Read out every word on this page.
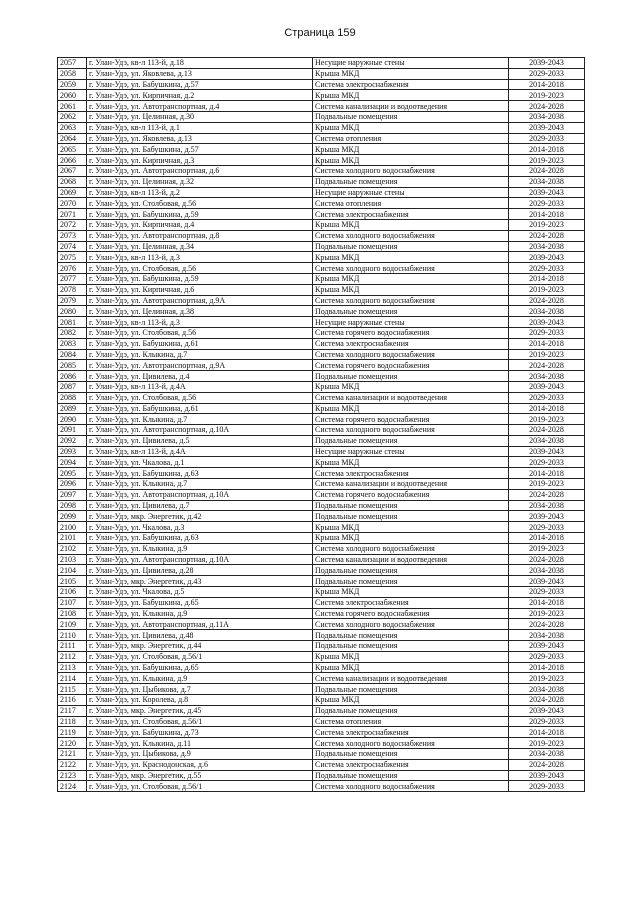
Страница 159
2057	г. Улан-Удэ, кв-л 113-й, д.18	Несущие наружные стены	2039-2043
2058	г. Улан-Удэ, ул. Яковлева, д.13	Крыша МКД	2029-2033
2059	г. Улан-Удэ, ул. Бабушкина, д.57	Система электроснабжения	2014-2018
2060	г. Улан-Удэ, ул. Кирпичная, д.2	Крыша МКД	2019-2023
2061	г. Улан-Удэ, ул. Автотранспортная, д.4	Система канализации и водоотведения	2024-2028
2062	г. Улан-Удэ, ул. Целинная, д.30	Подвальные помещения	2034-2038
2063	г. Улан-Удэ, кв-л 113-й, д.1	Крыша МКД	2039-2043
2064	г. Улан-Удэ, ул. Яковлева, д.13	Система отопления	2029-2033
2065	г. Улан-Удэ, ул. Бабушкина, д.57	Крыша МКД	2014-2018
2066	г. Улан-Удэ, ул. Кирпичная, д.3	Крыша МКД	2019-2023
2067	г. Улан-Удэ, ул. Автотранспортная, д.6	Система холодного водоснабжения	2024-2028
2068	г. Улан-Удэ, ул. Целинная, д.32	Подвальные помещения	2034-2038
2069	г. Улан-Удэ, кв-л 113-й, д.2	Несущие наружные стены	2039-2043
2070	г. Улан-Удэ, ул. Столбовая, д.56	Система отопления	2029-2033
2071	г. Улан-Удэ, ул. Бабушкина, д.59	Система электроснабжения	2014-2018
2072	г. Улан-Удэ, ул. Кирпичная, д.4	Крыша МКД	2019-2023
2073	г. Улан-Удэ, ул. Автотранспортная, д.8	Система холодного водоснабжения	2024-2028
2074	г. Улан-Удэ, ул. Целинная, д.34	Подвальные помещения	2034-2038
2075	г. Улан-Удэ, кв-л 113-й, д.3	Крыша МКД	2039-2043
2076	г. Улан-Удэ, ул. Столбовая, д.56	Система холодного водоснабжения	2029-2033
2077	г. Улан-Удэ, ул. Бабушкина, д.59	Крыша МКД	2014-2018
2078	г. Улан-Удэ, ул. Кирпичная, д.6	Крыша МКД	2019-2023
2079	г. Улан-Удэ, ул. Автотранспортная, д.9А	Система холодного водоснабжения	2024-2028
2080	г. Улан-Удэ, ул. Целинная, д.38	Подвальные помещения	2034-2038
2081	г. Улан-Удэ, кв-л 113-й, д.3	Несущие наружные стены	2039-2043
2082	г. Улан-Удэ, ул. Столбовая, д.56	Система горячего водоснабжения	2029-2033
2083	г. Улан-Удэ, ул. Бабушкина, д.61	Система электроснабжения	2014-2018
2084	г. Улан-Удэ, ул. Клыкина, д.7	Система холодного водоснабжения	2019-2023
2085	г. Улан-Удэ, ул. Автотранспортная, д.9А	Система горячего водоснабжения	2024-2028
2086	г. Улан-Удэ, ул. Цивилева, д.4	Подвальные помещения	2034-2038
2087	г. Улан-Удэ, кв-л 113-й, д.4А	Крыша МКД	2039-2043
2088	г. Улан-Удэ, ул. Столбовая, д.56	Система канализации и водоотведения	2029-2033
2089	г. Улан-Удэ, ул. Бабушкина, д.61	Крыша МКД	2014-2018
2090	г. Улан-Удэ, ул. Клыкина, д.7	Система горячего водоснабжения	2019-2023
2091	г. Улан-Удэ, ул. Автотранспортная, д.10А	Система холодного водоснабжения	2024-2028
2092	г. Улан-Удэ, ул. Цивилева, д.5	Подвальные помещения	2034-2038
2093	г. Улан-Удэ, кв-л 113-й, д.4А	Несущие наружные стены	2039-2043
2094	г. Улан-Удэ, ул. Чкалова, д.1	Крыша МКД	2029-2033
2095	г. Улан-Удэ, ул. Бабушкина, д.63	Система электроснабжения	2014-2018
2096	г. Улан-Удэ, ул. Клыкина, д.7	Система канализации и водоотведения	2019-2023
2097	г. Улан-Удэ, ул. Автотранспортная, д.10А	Система горячего водоснабжения	2024-2028
2098	г. Улан-Удэ, ул. Цивилева, д.7	Подвальные помещения	2034-2038
2099	г. Улан-Удэ, мкр. Энергетик, д.42	Подвальные помещения	2039-2043
2100	г. Улан-Удэ, ул. Чкалова, д.3	Крыша МКД	2029-2033
2101	г. Улан-Удэ, ул. Бабушкина, д.63	Крыша МКД	2014-2018
2102	г. Улан-Удэ, ул. Клыкина, д.9	Система холодного водоснабжения	2019-2023
2103	г. Улан-Удэ, ул. Автотранспортная, д.10А	Система канализации и водоотведения	2024-2028
2104	г. Улан-Удэ, ул. Цивилева, д.28	Подвальные помещения	2034-2038
2105	г. Улан-Удэ, мкр. Энергетик, д.43	Подвальные помещения	2039-2043
2106	г. Улан-Удэ, ул. Чкалова, д.5	Крыша МКД	2029-2033
2107	г. Улан-Удэ, ул. Бабушкина, д.65	Система электроснабжения	2014-2018
2108	г. Улан-Удэ, ул. Клыкина, д.9	Система горячего водоснабжения	2019-2023
2109	г. Улан-Удэ, ул. Автотранспортная, д.11А	Система холодного водоснабжения	2024-2028
2110	г. Улан-Удэ, ул. Цивилева, д.48	Подвальные помещения	2034-2038
2111	г. Улан-Удэ, мкр. Энергетик, д.44	Подвальные помещения	2039-2043
2112	г. Улан-Удэ, ул. Столбовая, д.56/1	Крыша МКД	2029-2033
2113	г. Улан-Удэ, ул. Бабушкина, д.65	Крыша МКД	2014-2018
2114	г. Улан-Удэ, ул. Клыкина, д.9	Система канализации и водоотведения	2019-2023
2115	г. Улан-Удэ, ул. Цыбикова, д.7	Подвальные помещения	2034-2038
2116	г. Улан-Удэ, ул. Королева, д.8	Крыша МКД	2024-2028
2117	г. Улан-Удэ, мкр. Энергетик, д.45	Подвальные помещения	2039-2043
2118	г. Улан-Удэ, ул. Столбовая, д.56/1	Система отопления	2029-2033
2119	г. Улан-Удэ, ул. Бабушкина, д.73	Система электроснабжения	2014-2018
2120	г. Улан-Удэ, ул. Клыкина, д.11	Система холодного водоснабжения	2019-2023
2121	г. Улан-Удэ, ул. Цыбикова, д.9	Подвальные помещения	2034-2038
2122	г. Улан-Удэ, ул. Краснодонская, д.6	Система электроснабжения	2024-2028
2123	г. Улан-Удэ, мкр. Энергетик, д.55	Подвальные помещения	2039-2043
2124	г. Улан-Удэ, ул. Столбовая, д.56/1	Система холодного водоснабжения	2029-2033
